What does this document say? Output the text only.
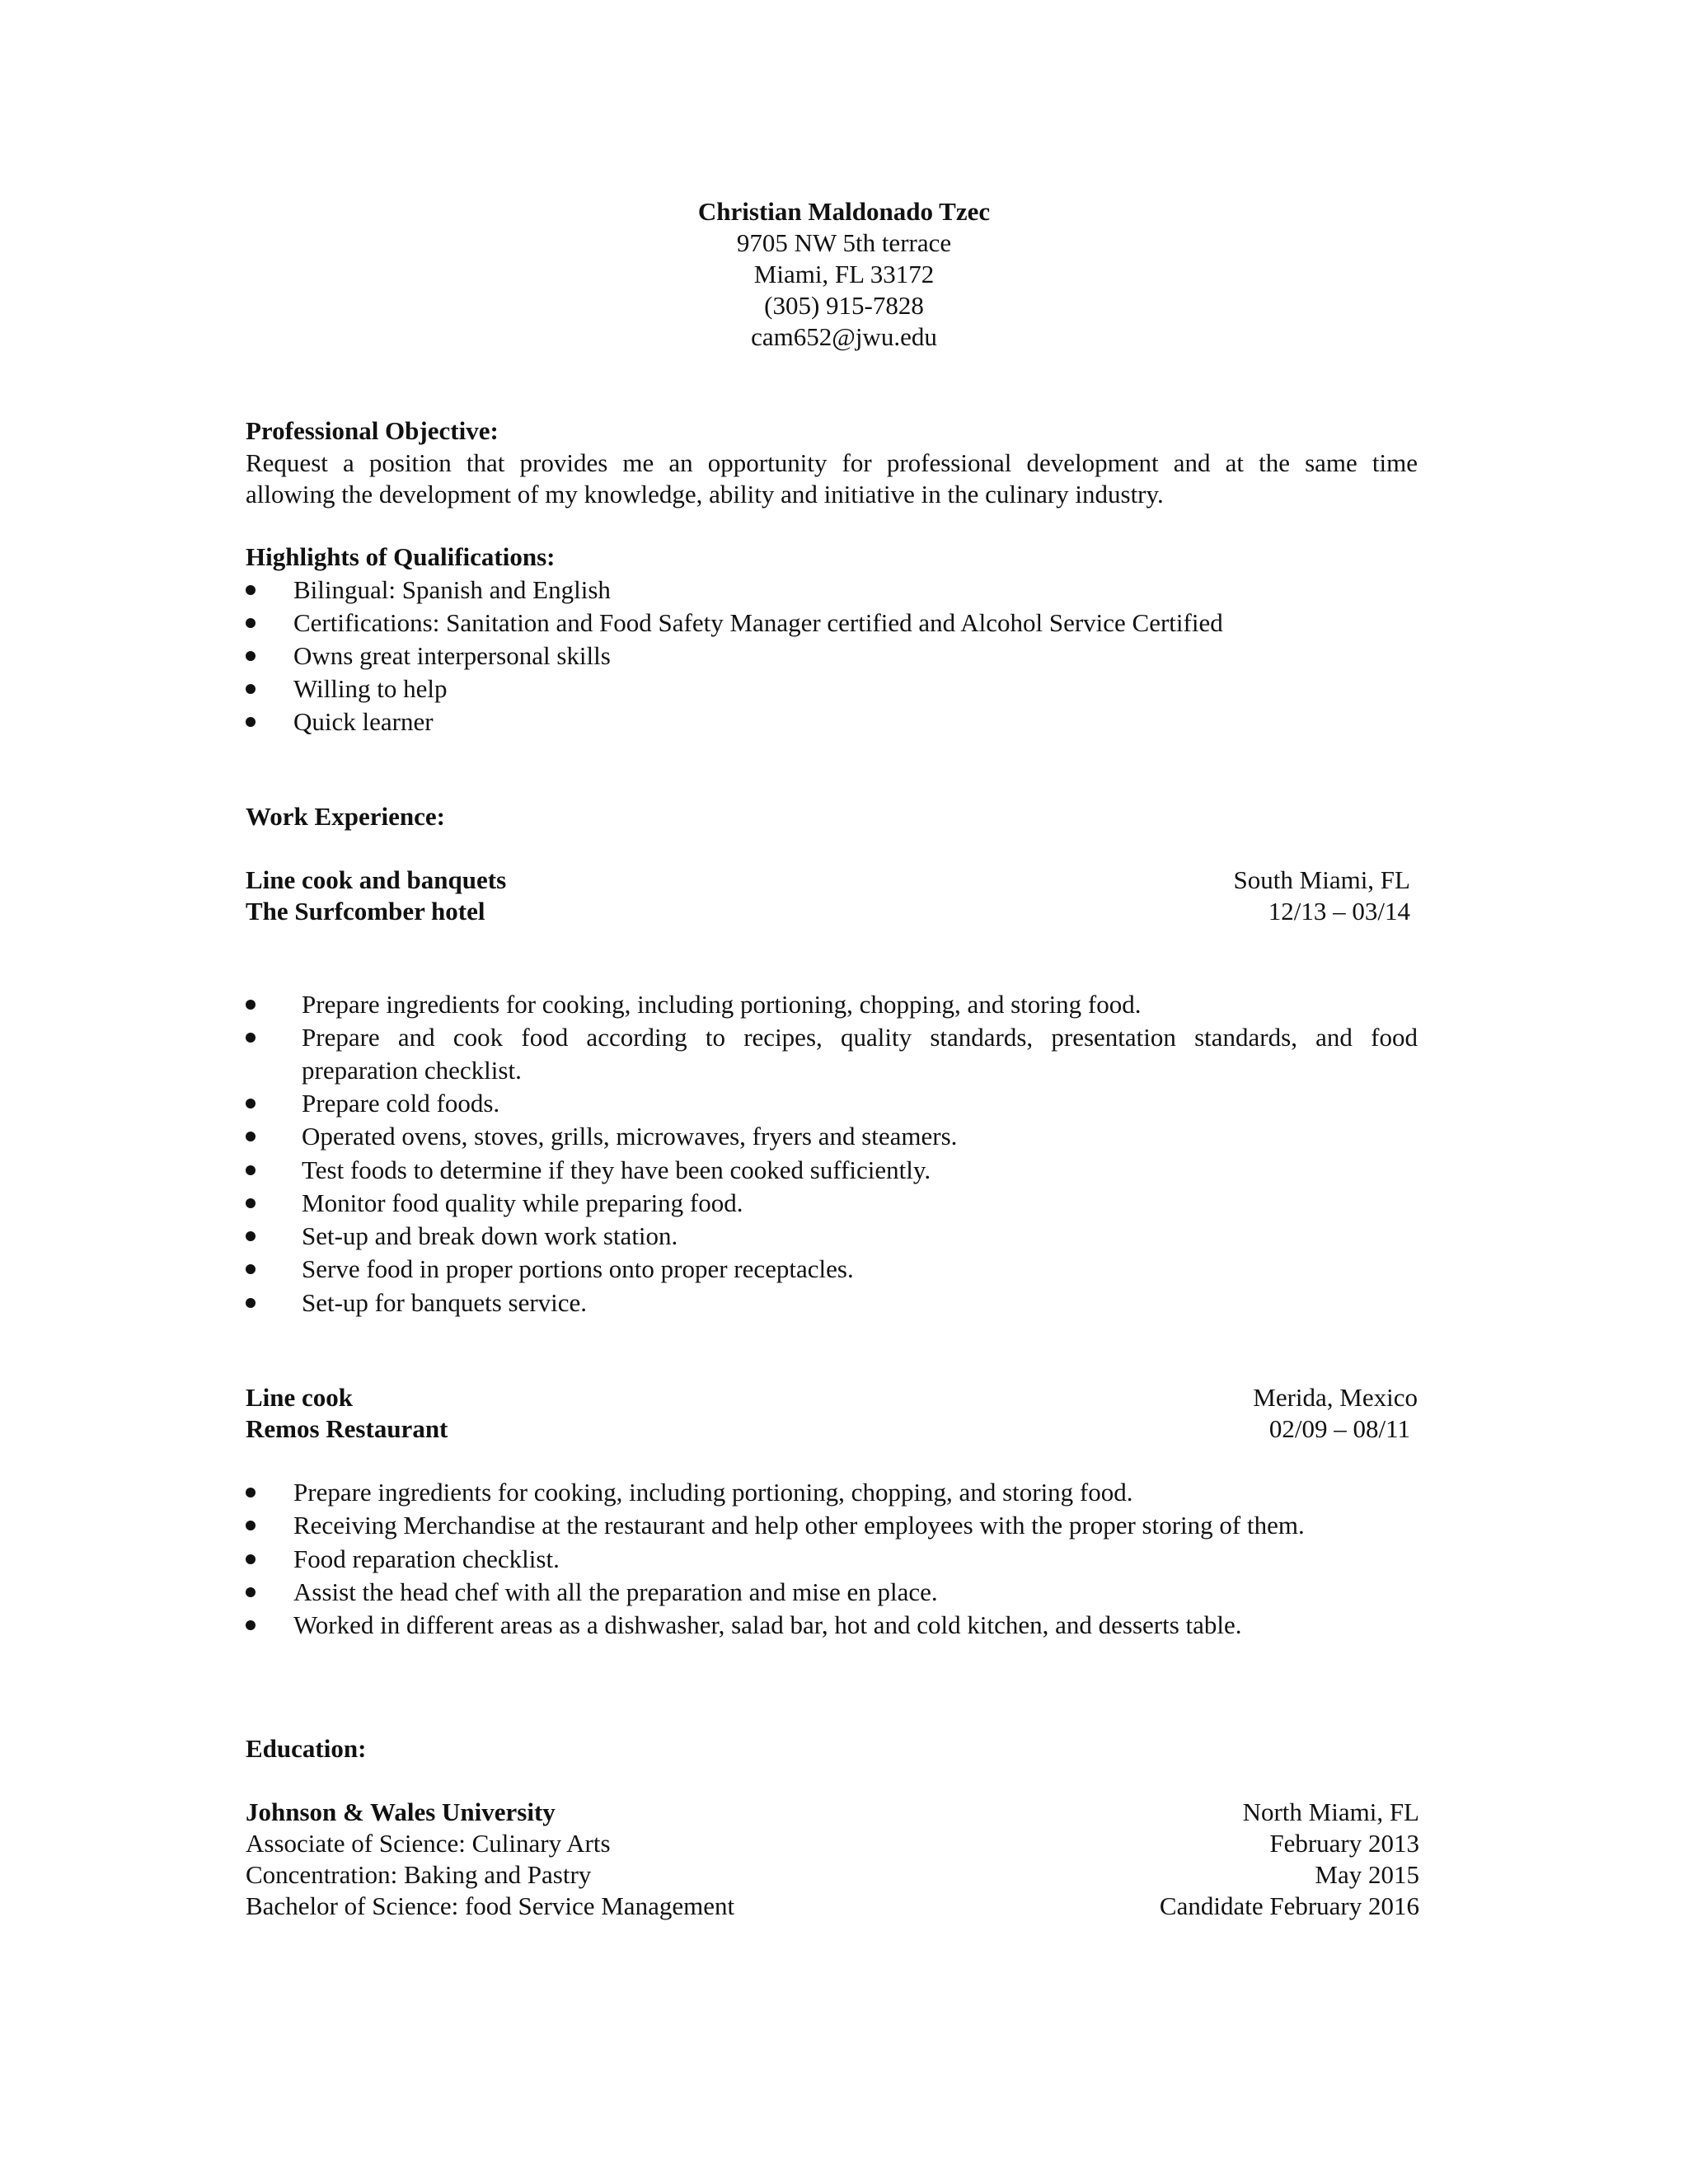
Christian Maldonado Tzec
9705 NW 5th terrace
Miami, FL 33172
(305) 915-7828
cam652@jwu.edu
Professional Objective:
Request a position that provides me an opportunity for professional development and at the same time
allowing the development of my knowledge, ability and initiative in the culinary industry.
Highlights of Qualifications:
Bilingual: Spanish and English
Certifications: Sanitation and Food Safety Manager certified and Alcohol Service Certified
Owns great interpersonal skills
Willing to help
Quick learner
Work Experience:
Line cook and banquets	South Miami, FL
The Surfcomber hotel	12/13 – 03/14
Prepare ingredients for cooking, including portioning, chopping, and storing food.
Prepare and cook food according to recipes, quality standards, presentation standards, and food
preparation checklist.
Prepare cold foods.
Operated ovens, stoves, grills, microwaves, fryers and steamers.
Test foods to determine if they have been cooked sufficiently.
Monitor food quality while preparing food.
Set-up and break down work station.
Serve food in proper portions onto proper receptacles.
Set-up for banquets service.
Line cook	Merida, Mexico
Remos Restaurant	02/09 – 08/11
Prepare ingredients for cooking, including portioning, chopping, and storing food.
Receiving Merchandise at the restaurant and help other employees with the proper storing of them.
Food reparation checklist.
Assist the head chef with all the preparation and mise en place.
Worked in different areas as a dishwasher, salad bar, hot and cold kitchen, and desserts table.
Education:
Johnson & Wales University	North Miami, FL
Associate of Science: Culinary Arts	February 2013
Concentration: Baking and Pastry	May 2015
Bachelor of Science: food Service Management	Candidate February 2016
